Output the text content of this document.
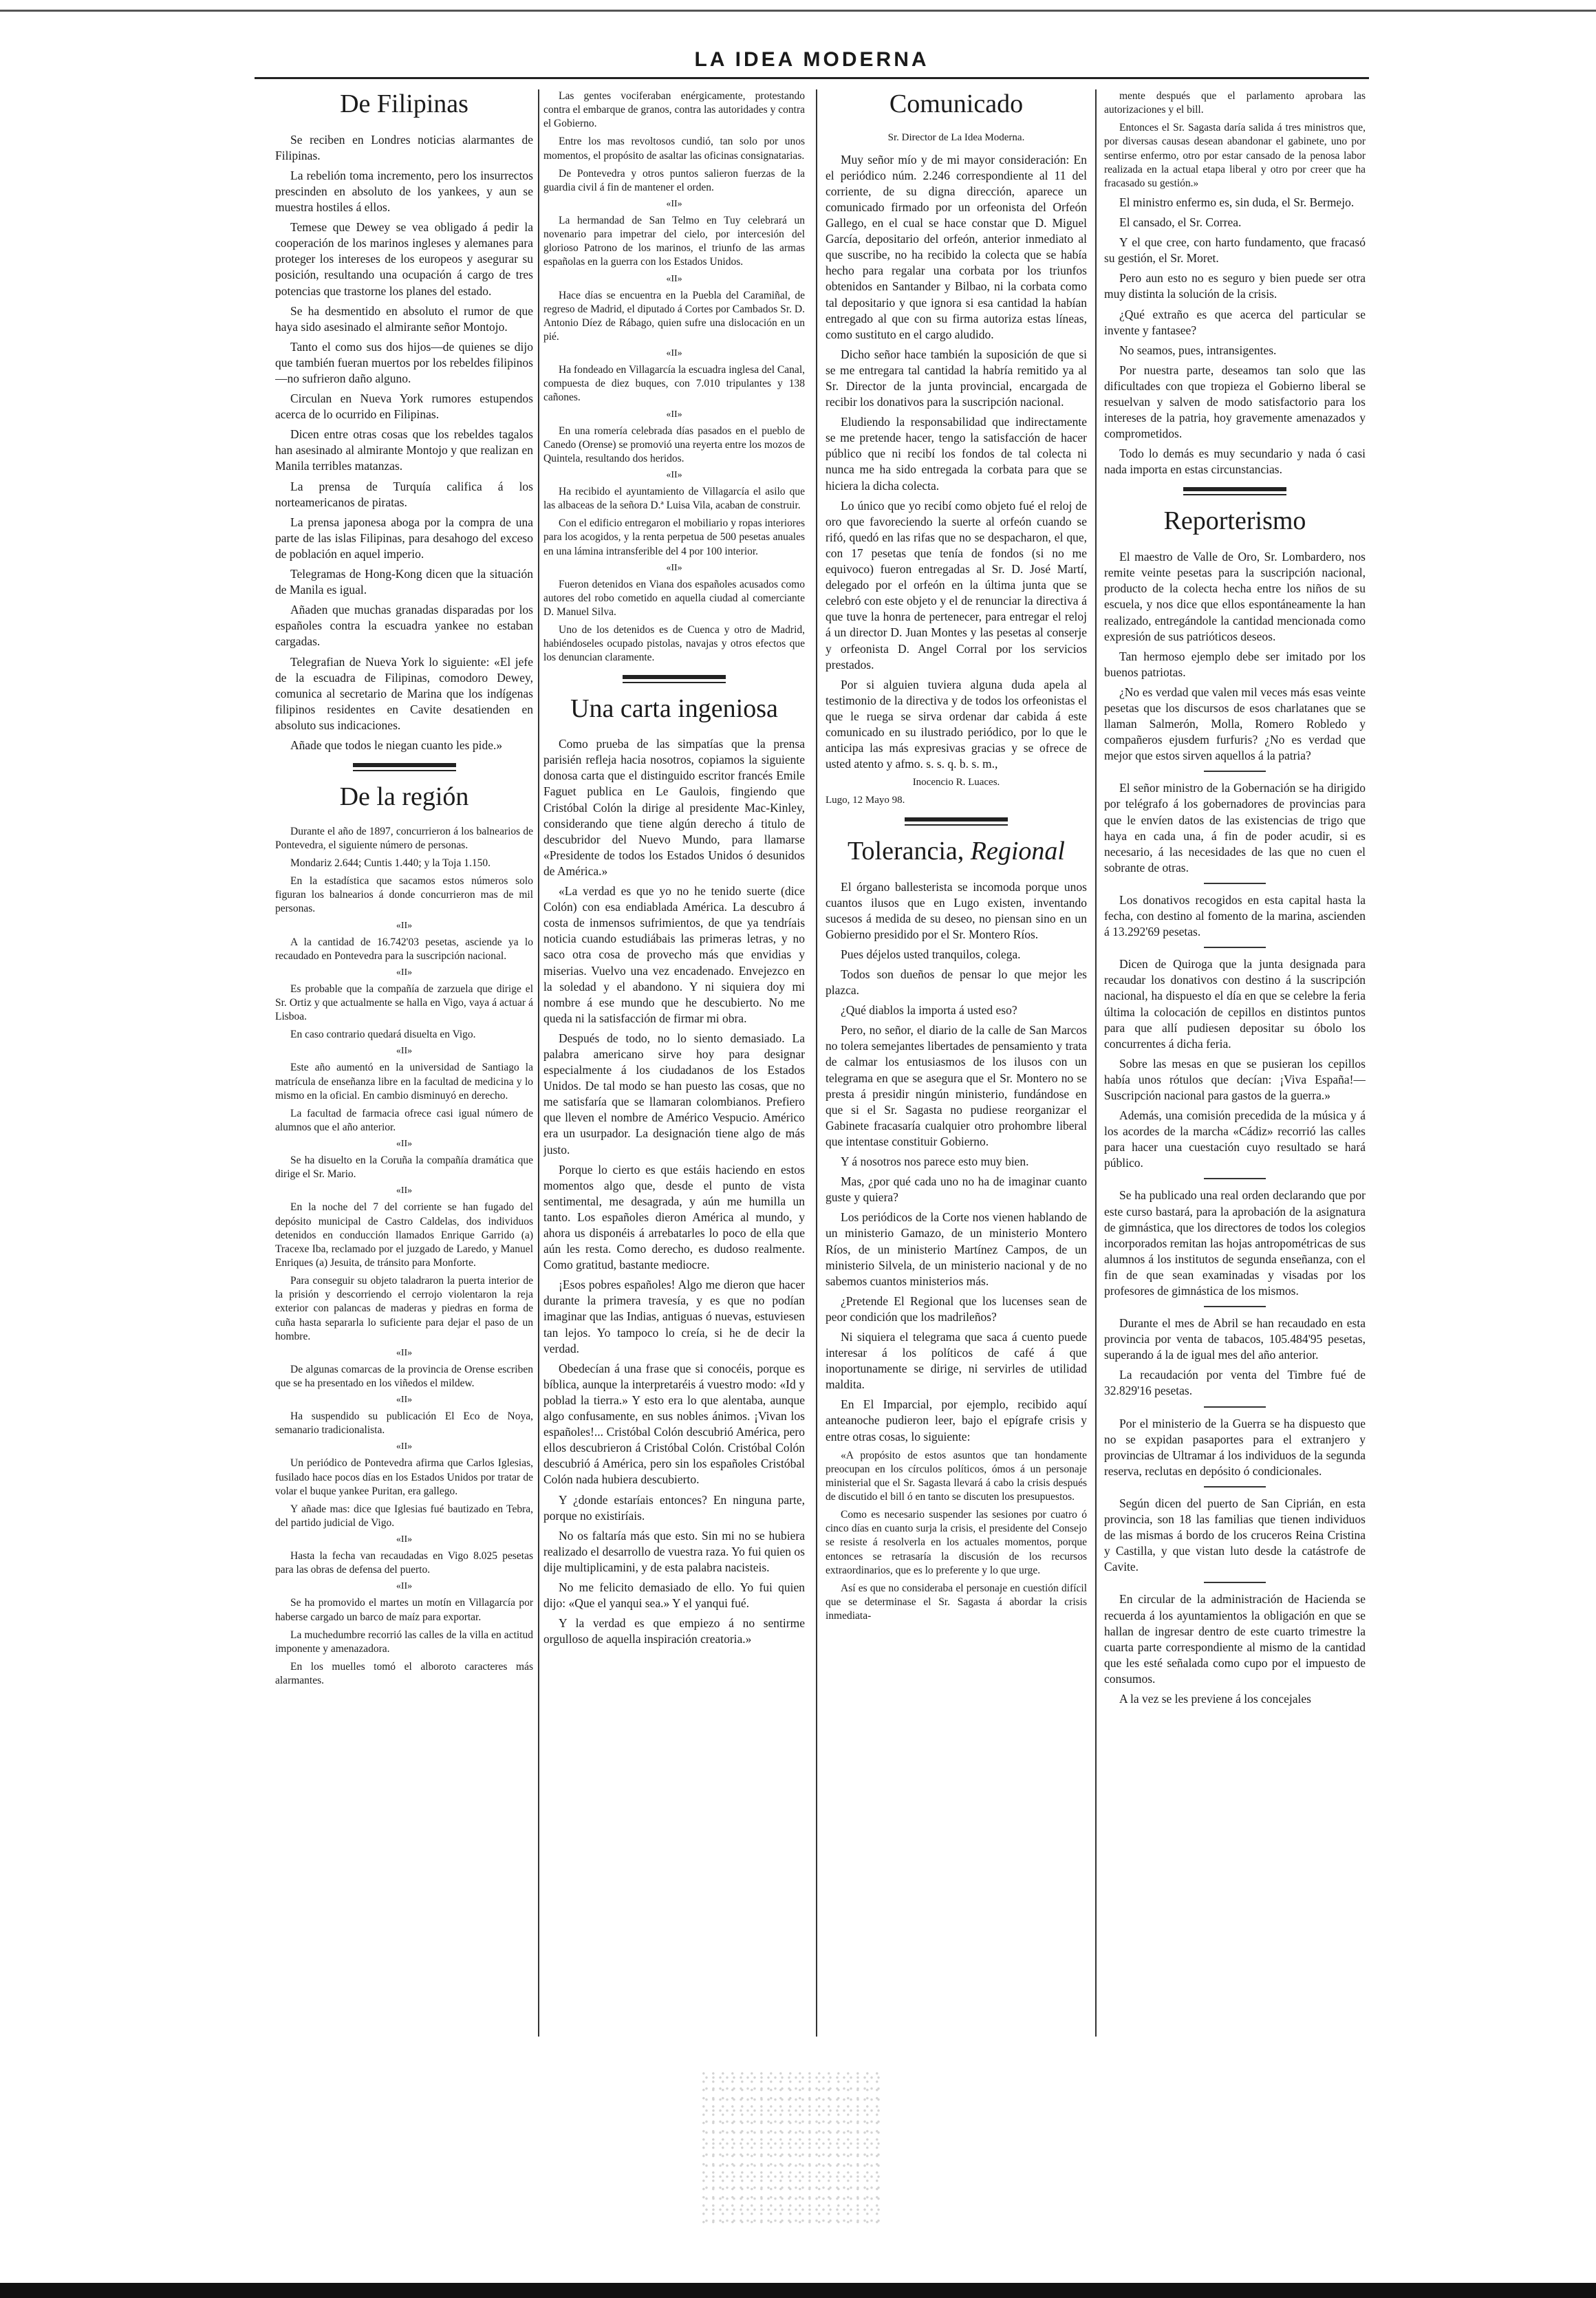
LA IDEA MODERNA
De Filipinas

Se reciben en Londres noticias alarmantes de Filipinas.

La rebelión toma incremento, pero los insurrectos prescinden en absoluto de los yankees, y aun se muestra hostiles á ellos.

Temese que Dewey se vea obligado á pedir la cooperación de los marinos ingleses y alemanes para proteger los intereses de los europeos y asegurar su posición, resultando una ocupación á cargo de tres potencias que trastorne los planes del estado.

Se ha desmentido en absoluto el rumor de que haya sido asesinado el almirante señor Montojo.

Tanto el como sus dos hijos—de quienes se dijo que también fueran muertos por los rebeldes filipinos—no sufrieron daño alguno.

Circulan en Nueva York rumores estupendos acerca de lo ocurrido en Filipinas.

Dicen entre otras cosas que los rebeldes tagalos han asesinado al almirante Montojo y que realizan en Manila terribles matanzas.

La prensa de Turquía califica á los norteamericanos de piratas.

La prensa japonesa aboga por la compra de una parte de las islas Filipinas, para desahogo del exceso de población en aquel imperio.

Telegramas de Hong-Kong dicen que la situación de Manila es igual.

Añaden que muchas granadas disparadas por los españoles contra la escuadra yankee no estaban cargadas.

Telegrafian de Nueva York lo siguiente: «El jefe de la escuadra de Filipinas, comodoro Dewey, comunica al secretario de Marina que los indígenas filipinos residentes en Cavite desatienden en absoluto sus indicaciones.

Añade que todos le niegan cuanto les pide.»

De la región

Durante el año de 1897, concurrieron á los balnearios de Pontevedra, el siguiente número de personas.

Mondariz 2.644; Cuntis 1.440; y la Toja 1.150.

En la estadística que sacamos estos números solo figuran los balnearios á donde concurrieron mas de mil personas.

«II»

A la cantidad de 16.742'03 pesetas, asciende ya lo recaudado en Pontevedra para la suscripción nacional.

«II»

Es probable que la compañía de zarzuela que dirige el Sr. Ortiz y que actualmente se halla en Vigo, vaya á actuar á Lisboa.

En caso contrario quedará disuelta en Vigo.

«II»

Este año aumentó en la universidad de Santiago la matrícula de enseñanza libre en la facultad de medicina y lo mismo en la oficial. En cambio disminuyó en derecho.

La facultad de farmacia ofrece casi igual número de alumnos que el año anterior.

«II»

Se ha disuelto en la Coruña la compañía dramática que dirige el Sr. Mario.

«II»

En la noche del 7 del corriente se han fugado del depósito municipal de Castro Caldelas, dos individuos detenidos en conducción llamados Enrique Garrido (a) Tracexe Iba, reclamado por el juzgado de Laredo, y Manuel Enriques (a) Jesuita, de tránsito para Monforte.

Para conseguir su objeto taladraron la puerta interior de la prisión y descorriendo el cerrojo violentaron la reja exterior con palancas de maderas y piedras en forma de cuña hasta separarla lo suficiente para dejar el paso de un hombre.

«II»

De algunas comarcas de la provincia de Orense escriben que se ha presentado en los viñedos el mildew.

«II»

Ha suspendido su publicación El Eco de Noya, semanario tradicionalista.

«II»

Un periódico de Pontevedra afirma que Carlos Iglesias, fusilado hace pocos días en los Estados Unidos por tratar de volar el buque yankee Puritan, era gallego.

Y añade mas: dice que Iglesias fué bautizado en Tebra, del partido judicial de Vigo.

«II»

Hasta la fecha van recaudadas en Vigo 8.025 pesetas para las obras de defensa del puerto.

«II»

Se ha promovido el martes un motín en Villagarcía por haberse cargado un barco de maíz para exportar.

La muchedumbre recorrió las calles de la villa en actitud imponente y amenazadora.

En los muelles tomó el alboroto caracteres más alarmantes.

Las gentes vociferaban enérgicamente, protestando contra el embarque de granos, contra las autoridades y contra el Gobierno.

Entre los mas revoltosos cundió, tan solo por unos momentos, el propósito de asaltar las oficinas consignatarias.

De Pontevedra y otros puntos salieron fuerzas de la guardia civil á fin de mantener el orden.

«II»

La hermandad de San Telmo en Tuy celebrará un novenario para impetrar del cielo, por intercesión del glorioso Patrono de los marinos, el triunfo de las armas españolas en la guerra con los Estados Unidos.

«II»

Hace días se encuentra en la Puebla del Caramiñal, de regreso de Madrid, el diputado á Cortes por Cambados Sr. D. Antonio Díez de Rábago, quien sufre una dislocación en un pié.

«II»

Ha fondeado en Villagarcía la escuadra inglesa del Canal, compuesta de diez buques, con 7.010 tripulantes y 138 cañones.

«II»

En una romería celebrada días pasados en el pueblo de Canedo (Orense) se promovió una reyerta entre los mozos de Quintela, resultando dos heridos.

«II»

Ha recibido el ayuntamiento de Villagarcía el asilo que las albaceas de la señora D.ª Luisa Vila, acaban de construir.

Con el edificio entregaron el mobiliario y ropas interiores para los acogidos, y la renta perpetua de 500 pesetas anuales en una lámina intransferible del 4 por 100 interior.

«II»

Fueron detenidos en Viana dos españoles acusados como autores del robo cometido en aquella ciudad al comerciante D. Manuel Silva.

Uno de los detenidos es de Cuenca y otro de Madrid, habiéndoseles ocupado pistolas, navajas y otros efectos que los denuncian claramente.

Una carta ingeniosa

Como prueba de las simpatías que la prensa parisién refleja hacia nosotros, copiamos la siguiente donosa carta que el distinguido escritor francés Emile Faguet publica en Le Gaulois, fingiendo que Cristóbal Colón la dirige al presidente Mac-Kinley, considerando que tiene algún derecho á titulo de descubridor del Nuevo Mundo, para llamarse «Presidente de todos los Estados Unidos ó desunidos de América.»

«La verdad es que yo no he tenido suerte (dice Colón) con esa endiablada América. La descubro á costa de inmensos sufrimientos, de que ya tendríais noticia cuando estudiábais las primeras letras, y no saco otra cosa de provecho más que envidias y miserias. Vuelvo una vez encadenado. Envejezco en la soledad y el abandono. Y ni siquiera doy mi nombre á ese mundo que he descubierto. No me queda ni la satisfacción de firmar mi obra.

Después de todo, no lo siento demasiado. La palabra americano sirve hoy para designar especialmente á los ciudadanos de los Estados Unidos. De tal modo se han puesto las cosas, que no me satisfaría que se llamaran colombianos. Prefiero que lleven el nombre de Américo Vespucio. Américo era un usurpador. La designación tiene algo de más justo.

Porque lo cierto es que estáis haciendo en estos momentos algo que, desde el punto de vista sentimental, me desagrada, y aún me humilla un tanto. Los españoles dieron América al mundo, y ahora us disponéis á arrebatarles lo poco de ella que aún les resta. Como derecho, es dudoso realmente. Como gratitud, bastante mediocre.

¡Esos pobres españoles! Algo me dieron que hacer durante la primera travesía, y es que no podían imaginar que las Indias, antiguas ó nuevas, estuviesen tan lejos. Yo tampoco lo creía, si he de decir la verdad.

Obedecían á una frase que si conocéis, porque es bíblica, aunque la interpretaréis á vuestro modo: «Id y poblad la tierra.» Y esto era lo que alentaba, aunque algo confusamente, en sus nobles ánimos. ¡Vivan los españoles!... Cristóbal Colón descubrió América, pero ellos descubrieron á Cristóbal Colón. Cristóbal Colón descubrió á América, pero sin los españoles Cristóbal Colón nada hubiera descubierto.

Y ¿donde estaríais entonces? En ninguna parte, porque no existiríais.

No os faltaría más que esto. Sin mi no se hubiera realizado el desarrollo de vuestra raza. Yo fui quien os dije multiplicamini, y de esta palabra nacisteis.

No me felicito demasiado de ello. Yo fui quien dijo: «Que el yanqui sea.» Y el yanqui fué.

Y la verdad es que empiezo á no sentirme orgulloso de aquella inspiración creatoria.»

Comunicado
Sr. Director de La Idea Moderna.

Muy señor mío y de mi mayor consideración: En el periódico núm. 2.246 correspondiente al 11 del corriente, de su digna dirección, aparece un comunicado firmado por un orfeonista del Orfeón Gallego, en el cual se hace constar que D. Miguel García, depositario del orfeón, anterior inmediato al que suscribe, no ha recibido la colecta que se había hecho para regalar una corbata por los triunfos obtenidos en Santander y Bilbao, ni la corbata como tal depositario y que ignora si esa cantidad la habían entregado al que con su firma autoriza estas líneas, como sustituto en el cargo aludido.

Dicho señor hace también la suposición de que si se me entregara tal cantidad la habría remitido ya al Sr. Director de la junta provincial, encargada de recibir los donativos para la suscripción nacional.

Eludiendo la responsabilidad que indirectamente se me pretende hacer, tengo la satisfacción de hacer público que ni recibí los fondos de tal colecta ni nunca me ha sido entregada la corbata para que se hiciera la dicha colecta.

Lo único que yo recibí como objeto fué el reloj de oro que favoreciendo la suerte al orfeón cuando se rifó, quedó en las rifas que no se despacharon, el que, con 17 pesetas que tenía de fondos (si no me equivoco) fueron entregadas al Sr. D. José Martí, delegado por el orfeón en la última junta que se celebró con este objeto y el de renunciar la directiva á que tuve la honra de pertenecer, para entregar el reloj á un director D. Juan Montes y las pesetas al conserje y orfeonista D. Angel Corral por los servicios prestados.

Por si alguien tuviera alguna duda apela al testimonio de la directiva y de todos los orfeonistas el que le ruega se sirva ordenar dar cabida á este comunicado en su ilustrado periódico, por lo que le anticipa las más expresivas gracias y se ofrece de usted atento y afmo. s. s. q. b. s. m.,

Inocencio R. Luaces.

Lugo, 12 Mayo 98.

Tolerancia, Regional

El órgano ballesterista se incomoda porque unos cuantos ilusos que en Lugo existen, inventando sucesos á medida de su deseo, no piensan sino en un Gobierno presidido por el Sr. Montero Ríos.

Pues déjelos usted tranquilos, colega.

Todos son dueños de pensar lo que mejor les plazca.

¿Qué diablos la importa á usted eso?

Pero, no señor, el diario de la calle de San Marcos no tolera semejantes libertades de pensamiento y trata de calmar los entusiasmos de los ilusos con un telegrama en que se asegura que el Sr. Montero no se presta á presidir ningún ministerio, fundándose en que si el Sr. Sagasta no pudiese reorganizar el Gabinete fracasaría cualquier otro prohombre liberal que intentase constituir Gobierno.

Y á nosotros nos parece esto muy bien.

Mas, ¿por qué cada uno no ha de imaginar cuanto guste y quiera?

Los periódicos de la Corte nos vienen hablando de un ministerio Gamazo, de un ministerio Montero Ríos, de un ministerio Martínez Campos, de un ministerio Silvela, de un ministerio nacional y de no sabemos cuantos ministerios más.

¿Pretende El Regional que los lucenses sean de peor condición que los madrileños?

Ni siquiera el telegrama que saca á cuento puede interesar á los políticos de café á que inoportunamente se dirige, ni servirles de utilidad maldita.

En El Imparcial, por ejemplo, recibido aquí anteanoche pudieron leer, bajo el epígrafe crisis y entre otras cosas, lo siguiente:

«A propósito de estos asuntos que tan hondamente preocupan en los círculos políticos, ómos á un personaje ministerial que el Sr. Sagasta llevará á cabo la crisis después de discutido el bill ó en tanto se discuten los presupuestos.

Como es necesario suspender las sesiones por cuatro ó cinco días en cuanto surja la crisis, el presidente del Consejo se resiste á resolverla en los actuales momentos, porque entonces se retrasaría la discusión de los recursos extraordinarios, que es lo preferente y lo que urge.

Así es que no consideraba el personaje en cuestión difícil que se determinase el Sr. Sagasta á abordar la crisis inmediata-

mente después que el parlamento aprobara las autorizaciones y el bill.

Entonces el Sr. Sagasta daría salida á tres ministros que, por diversas causas desean abandonar el gabinete, uno por sentirse enfermo, otro por estar cansado de la penosa labor realizada en la actual etapa liberal y otro por creer que ha fracasado su gestión.»

El ministro enfermo es, sin duda, el Sr. Bermejo.

El cansado, el Sr. Correa.

Y el que cree, con harto fundamento, que fracasó su gestión, el Sr. Moret.

Pero aun esto no es seguro y bien puede ser otra muy distinta la solución de la crisis.

¿Qué extraño es que acerca del particular se invente y fantasee?

No seamos, pues, intransigentes.

Por nuestra parte, deseamos tan solo que las dificultades con que tropieza el Gobierno liberal se resuelvan y salven de modo satisfactorio para los intereses de la patria, hoy gravemente amenazados y comprometidos.

Todo lo demás es muy secundario y nada ó casi nada importa en estas circunstancias.

Reporterismo

El maestro de Valle de Oro, Sr. Lombardero, nos remite veinte pesetas para la suscripción nacional, producto de la colecta hecha entre los niños de su escuela, y nos dice que ellos espontáneamente la han realizado, entregándole la cantidad mencionada como expresión de sus patrióticos deseos.

Tan hermoso ejemplo debe ser imitado por los buenos patriotas.

¿No es verdad que valen mil veces más esas veinte pesetas que los discursos de esos charlatanes que se llaman Salmerón, Molla, Romero Robledo y compañeros ejusdem furfuris? ¿No es verdad que mejor que estos sirven aquellos á la patria?

El señor ministro de la Gobernación se ha dirigido por telégrafo á los gobernadores de provincias para que le envíen datos de las existencias de trigo que haya en cada una, á fin de poder acudir, si es necesario, á las necesidades de las que no cuen el sobrante de otras.

Los donativos recogidos en esta capital hasta la fecha, con destino al fomento de la marina, ascienden á 13.292'69 pesetas.

Dicen de Quiroga que la junta designada para recaudar los donativos con destino á la suscripción nacional, ha dispuesto el día en que se celebre la feria última la colocación de cepillos en distintos puntos para que allí pudiesen depositar su óbolo los concurrentes á dicha feria.

Sobre las mesas en que se pusieran los cepillos había unos rótulos que decían: ¡Viva España!—Suscripción nacional para gastos de la guerra.»

Además, una comisión precedida de la música y á los acordes de la marcha «Cádiz» recorrió las calles para hacer una cuestación cuyo resultado se hará público.

Se ha publicado una real orden declarando que por este curso bastará, para la aprobación de la asignatura de gimnástica, que los directores de todos los colegios incorporados remitan las hojas antropométricas de sus alumnos á los institutos de segunda enseñanza, con el fin de que sean examinadas y visadas por los profesores de gimnástica de los mismos.

Durante el mes de Abril se han recaudado en esta provincia por venta de tabacos, 105.484'95 pesetas, superando á la de igual mes del año anterior.

La recaudación por venta del Timbre fué de 32.829'16 pesetas.

Por el ministerio de la Guerra se ha dispuesto que no se expidan pasaportes para el extranjero y provincias de Ultramar á los individuos de la segunda reserva, reclutas en depósito ó condicionales.

Según dicen del puerto de San Ciprián, en esta provincia, son 18 las familias que tienen individuos de las mismas á bordo de los cruceros Reina Cristina y Castilla, y que vistan luto desde la catástrofe de Cavite.

En circular de la administración de Hacienda se recuerda á los ayuntamientos la obligación en que se hallan de ingresar dentro de este cuarto trimestre la cuarta parte correspondiente al mismo de la cantidad que les esté señalada como cupo por el impuesto de consumos.

A la vez se les previene á los concejales
